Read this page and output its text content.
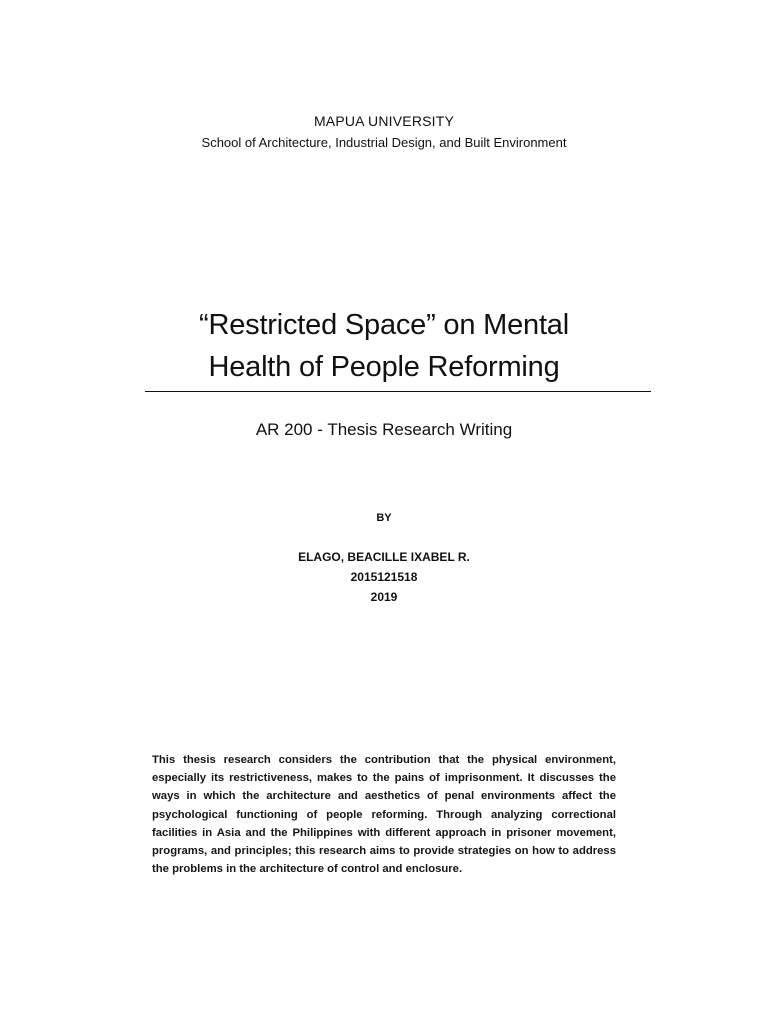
MAPUA UNIVERSITY
School of Architecture, Industrial Design, and Built Environment
“Restricted Space” on Mental
Health of People Reforming
AR 200 - Thesis Research Writing
BY
ELAGO, BEACILLE IXABEL R.
2015121518
2019
This thesis research considers the contribution that the physical environment, especially its restrictiveness, makes to the pains of imprisonment. It discusses the ways in which the architecture and aesthetics of penal environments affect the psychological functioning of people reforming. Through analyzing correctional facilities in Asia and the Philippines with different approach in prisoner movement, programs, and principles; this research aims to provide strategies on how to address the problems in the architecture of control and enclosure.
